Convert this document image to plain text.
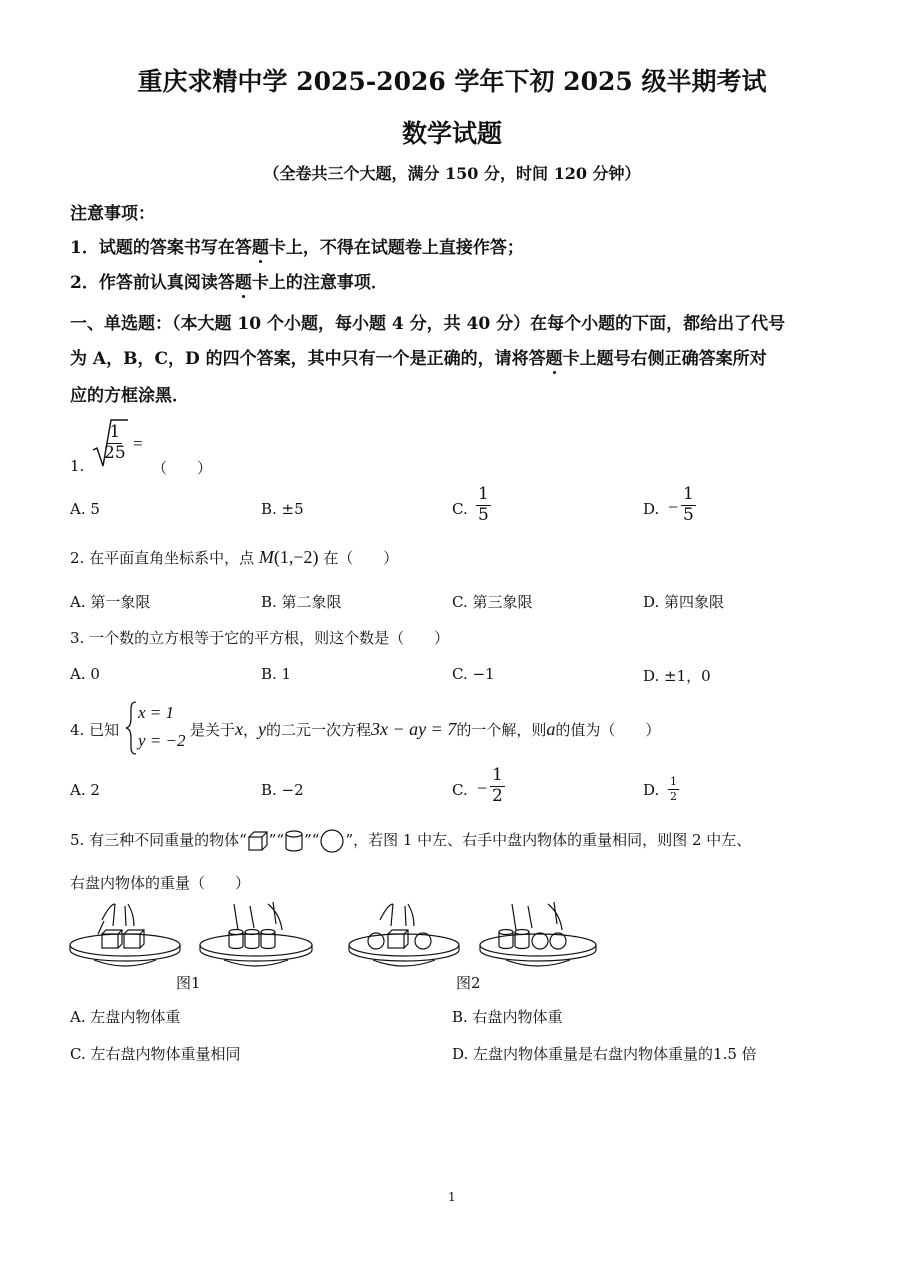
重庆求精中学 2025-2026 学年下初 2025 级半期考试
数学试题
（全卷共三个大题，满分 150 分，时间 120 分钟）
注意事项：
1．试题的答案书写在答题卡上，不得在试题卷上直接作答；
2．作答前认真阅读答题卡上的注意事项．
一、单选题：（本大题 10 个小题，每小题 4 分，共 40 分）在每个小题的下面，都给出了代号
为 A，B，C，D 的四个答案，其中只有一个是正确的，请将答题卡上题号右侧正确答案所对
应的方框涂黑．
1.
$\frac{1}{25}$ =
（　　）
A. 5	B. ±5	C. $\frac{1}{5}$	D. − $\frac{1}{5}$
2. 在平面直角坐标系中，点 M(1,−2) 在（　　）
A. 第一象限	B. 第二象限	C. 第三象限	D. 第四象限
3. 一个数的立方根等于它的平方根，则这个数是（　　）
A. 0	B. 1	C. −1	D. ±1，0
4. 已知
x = 1
y = −2
是关于x，y的二元一次方程3x − ay = 7的一个解，则a的值为（　　）
A. 2	B. −2	C. − $\frac{1}{2}$	D. $\frac{1}{2}$
5. 有三种不同重量的物体“ ”“ ”“ ”，若图 1 中左、右手中盘内物体的重量相同，则图 2 中左、
右盘内物体的重量（　　）
图1	图2
A. 左盘内物体重	B. 右盘内物体重
C. 左右盘内物体重量相同	D. 左盘内物体重量是右盘内物体重量的1.5 倍
1
